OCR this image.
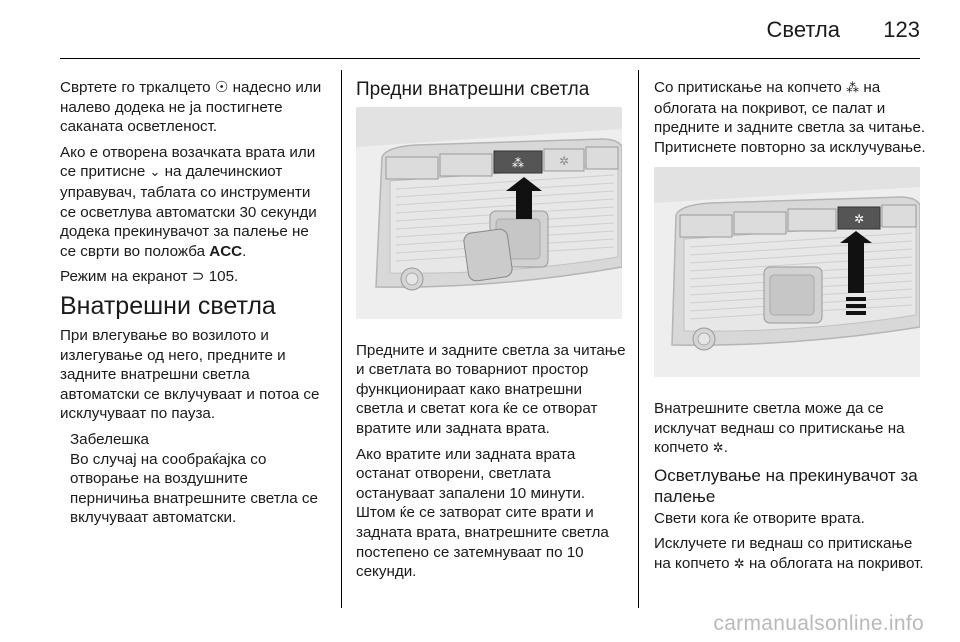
Светла 123

Свртете го тркалцето ☉ надесно или налево додека не ја постигнете саканата осветленост.

Ако е отворена возачката врата или се притисне ⌄ на далечинскиот управувач, таблата со инструменти се осветлува автоматски 30 секунди додека прекинувачот за палење не се сврти во положба ACC.

Режим на екранот ⊃ 105.

Внатрешни светла

При влегување во возилото и излегување од него, предните и задните внатрешни светла автоматски се вклучуваат и потоа се исклучуваат по пауза.

Забелешка
Во случај на сообраќајка со отворање на воздушните перничиња внатрешните светла се вклучуваат автоматски.
Предни внатрешни светла
⁂	✲

Предните и задните светла за читање и светлата во товарниот простор функционираат како внатрешни светла и светат кога ќе се отворат вратите или задната врата.

Ако вратите или задната врата останат отворени, светлата остануваат запалени 10 минути. Штом ќе се затворат сите врати и задната врата, внатрешните светла постепено се затемнуваат по 10 секунди.

Со притискање на копчето ⁂ на облогата на покривот, се палат и предните и задните светла за читање. Притиснете повторно за исклучување.

✲

Внатрешните светла може да се исклучат веднаш со притискање на копчето ✲.

Осветлување на прекинувачот за палење

Свети кога ќе отворите врата.

Исклучете ги веднаш со притискање на копчето ✲ на облогата на покривот.

carmanualsonline.info
